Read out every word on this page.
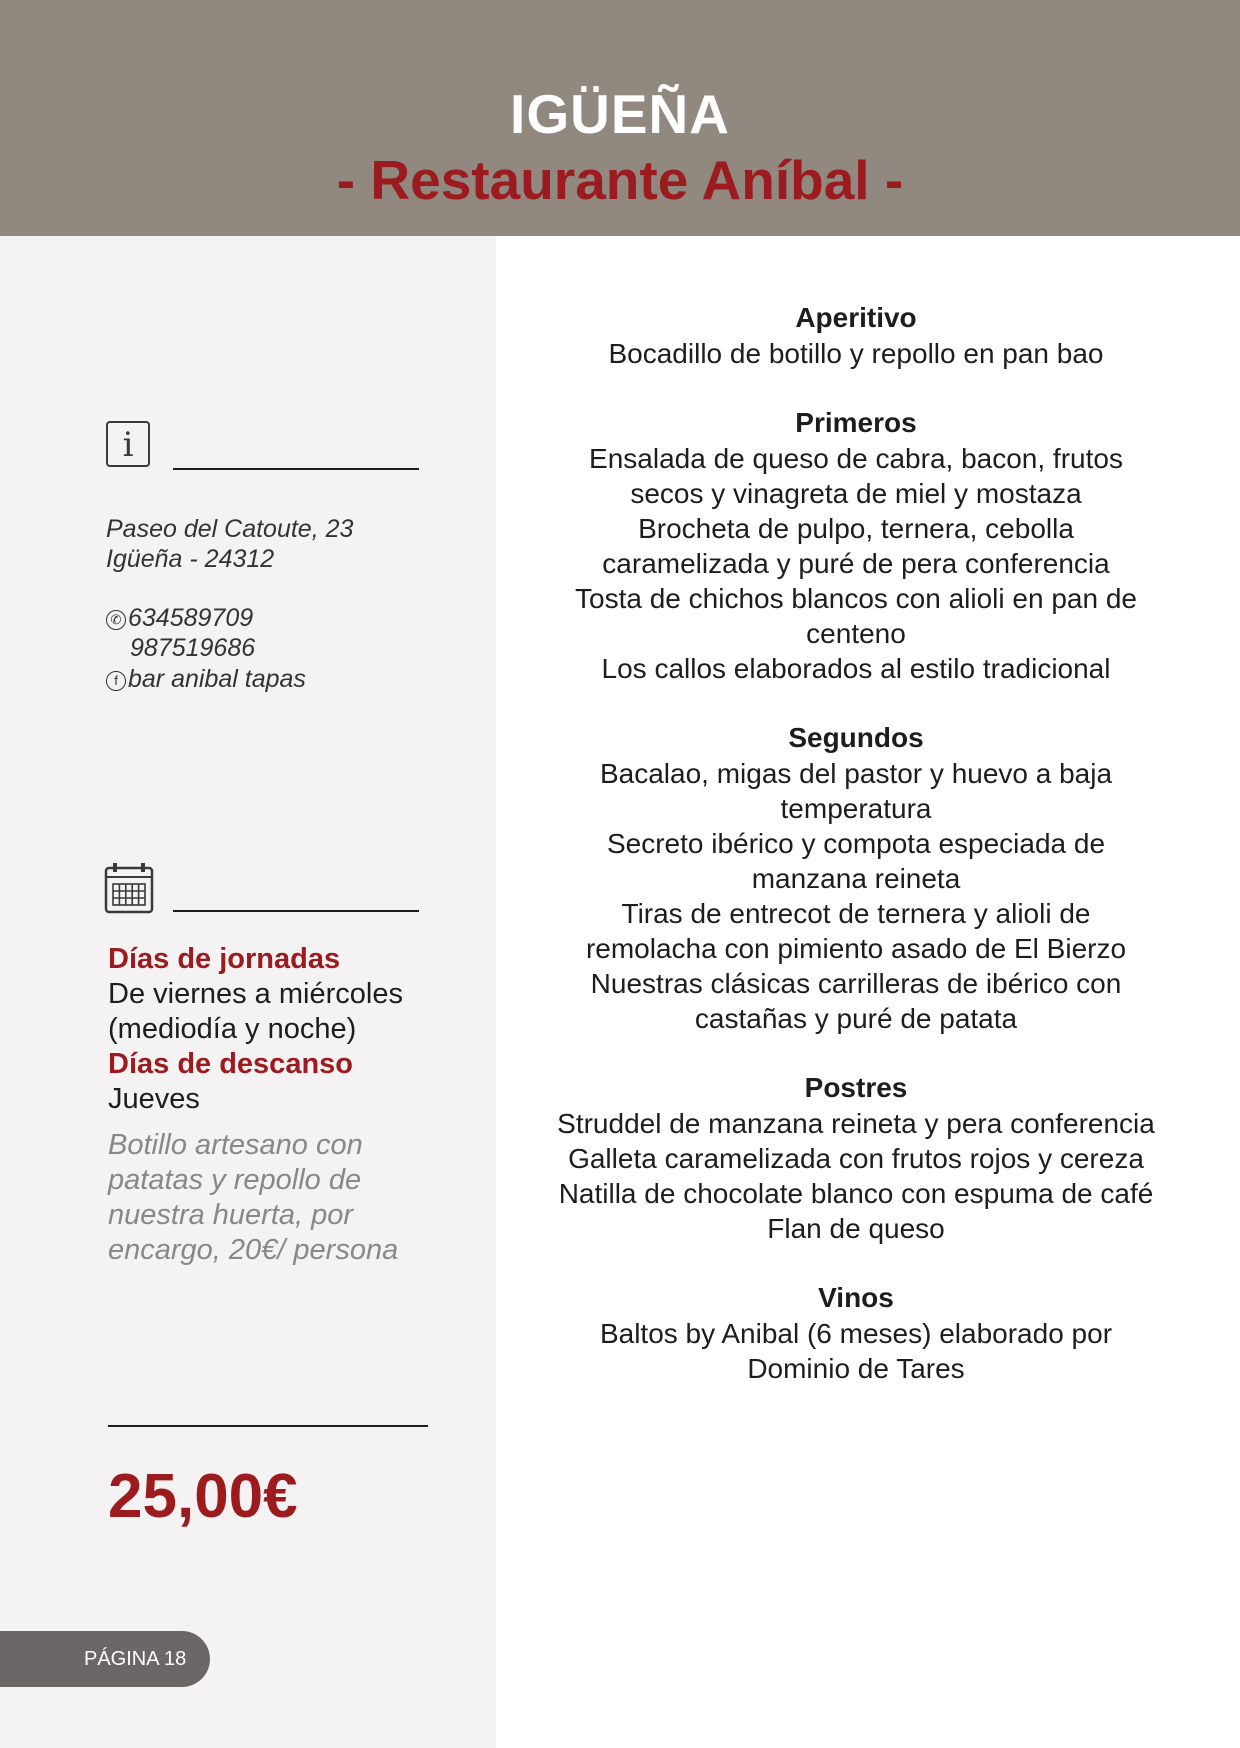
IGÜEÑA
- Restaurante Aníbal -
i
Paseo del Catoute, 23
Igüeña - 24312
✆ 634589709
987519686
f bar anibal tapas
Días de jornadas
De viernes a miércoles
(mediodía y noche)
Días de descanso
Jueves
Botillo artesano con patatas y repollo de nuestra huerta, por encargo, 20€/ persona
25,00€
PÁGINA 18
Aperitivo
Bocadillo de botillo y repollo en pan bao
Primeros
Ensalada de queso de cabra, bacon, frutos secos y vinagreta de miel y mostaza
Brocheta de pulpo, ternera, cebolla caramelizada y puré de pera conferencia
Tosta de chichos blancos con alioli en pan de centeno
Los callos elaborados al estilo tradicional
Segundos
Bacalao, migas del pastor y huevo a baja temperatura
Secreto ibérico y compota especiada de manzana reineta
Tiras de entrecot de ternera y alioli de remolacha con pimiento asado de El Bierzo
Nuestras clásicas carrilleras de ibérico con castañas y puré de patata
Postres
Struddel de manzana reineta y pera conferencia
Galleta caramelizada con frutos rojos y cereza
Natilla de chocolate blanco con espuma de café
Flan de queso
Vinos
Baltos by Anibal (6 meses) elaborado por Dominio de Tares
